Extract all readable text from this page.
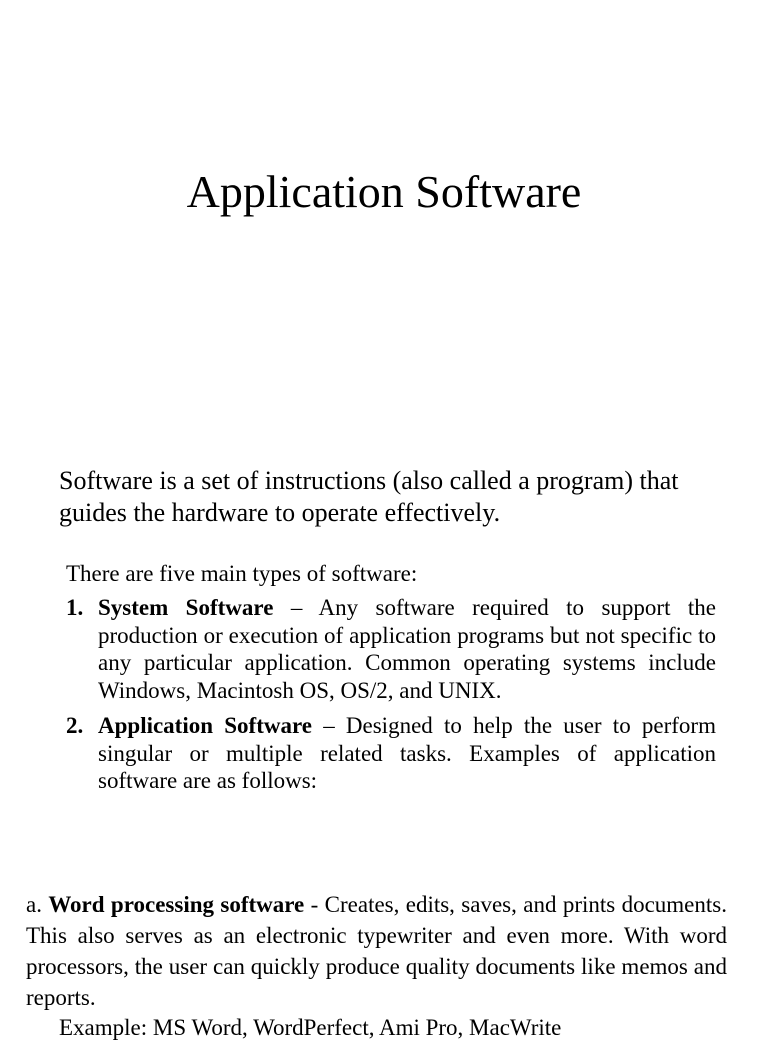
Application Software

Software is a set of instructions (also called a program) that guides the hardware to operate effectively.

There are five main types of software:

1. System Software – Any software required to support the production or execution of application programs but not specific to any particular application. Common operating systems include Windows, Macintosh OS, OS/2, and UNIX.
2. Application Software – Designed to help the user to perform singular or multiple related tasks. Examples of application software are as follows:

a. Word processing software - Creates, edits, saves, and prints documents. This also serves as an electronic typewriter and even more. With word processors, the user can quickly produce quality documents like memos and reports.

Example: MS Word, WordPerfect, Ami Pro, MacWrite
